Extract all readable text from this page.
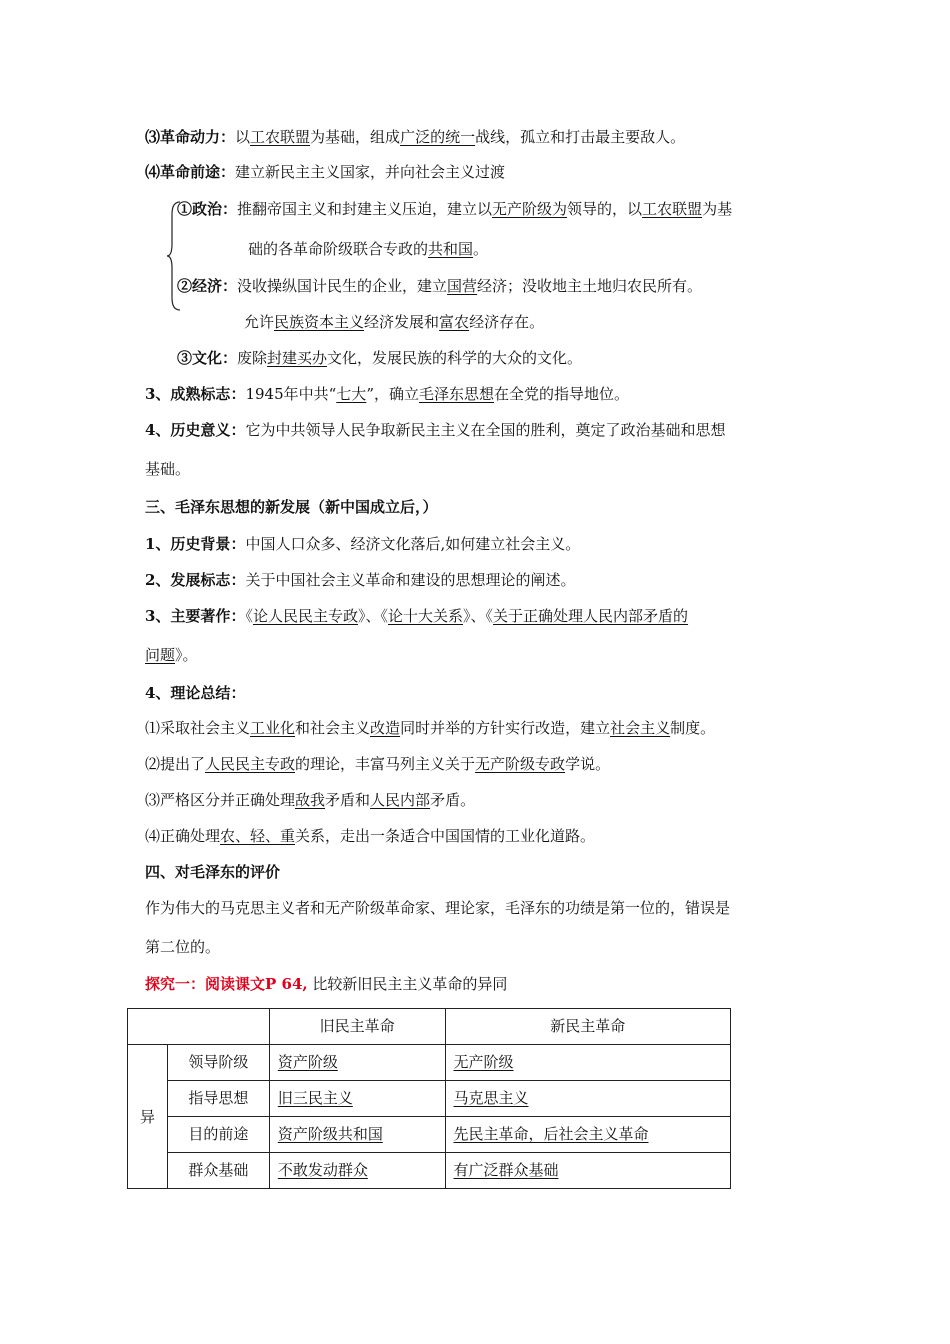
⑶革命动力：以工农联盟为基础，组成广泛的统一战线，孤立和打击最主要敌人。
⑷革命前途：建立新民主主义国家，并向社会主义过渡
①政治：推翻帝国主义和封建主义压迫，建立以无产阶级为领导的，以工农联盟为基
础的各革命阶级联合专政的共和国。
②经济：没收操纵国计民生的企业，建立国营经济；没收地主土地归农民所有。
允许民族资本主义经济发展和富农经济存在。
③文化：废除封建买办文化，发展民族的科学的大众的文化。
3、成熟标志：1945年中共“七大”，确立毛泽东思想在全党的指导地位。
4、历史意义：它为中共领导人民争取新民主主义在全国的胜利，奠定了政治基础和思想
基础。
三、毛泽东思想的新发展（新中国成立后，）
1、历史背景：中国人口众多、经济文化落后,如何建立社会主义。
2、发展标志：关于中国社会主义革命和建设的思想理论的阐述。
3、主要著作：《论人民民主专政》、《论十大关系》、《关于正确处理人民内部矛盾的
问题》。
4、理论总结：
⑴采取社会主义工业化和社会主义改造同时并举的方针实行改造，建立社会主义制度。
⑵提出了人民民主专政的理论，丰富马列主义关于无产阶级专政学说。
⑶严格区分并正确处理敌我矛盾和人民内部矛盾。
⑷正确处理农、轻、重关系，走出一条适合中国国情的工业化道路。
四、对毛泽东的评价
作为伟大的马克思主义者和无产阶级革命家、理论家，毛泽东的功绩是第一位的，错误是
第二位的。
探究一：阅读课文P 64, 比较新旧民主主义革命的异同
		旧民主革命	新民主革命
异	领导阶级	资产阶级	无产阶级
	指导思想	旧三民主义	马克思主义
	目的前途	资产阶级共和国	先民主革命，后社会主义革命
	群众基础	不敢发动群众	有广泛群众基础
